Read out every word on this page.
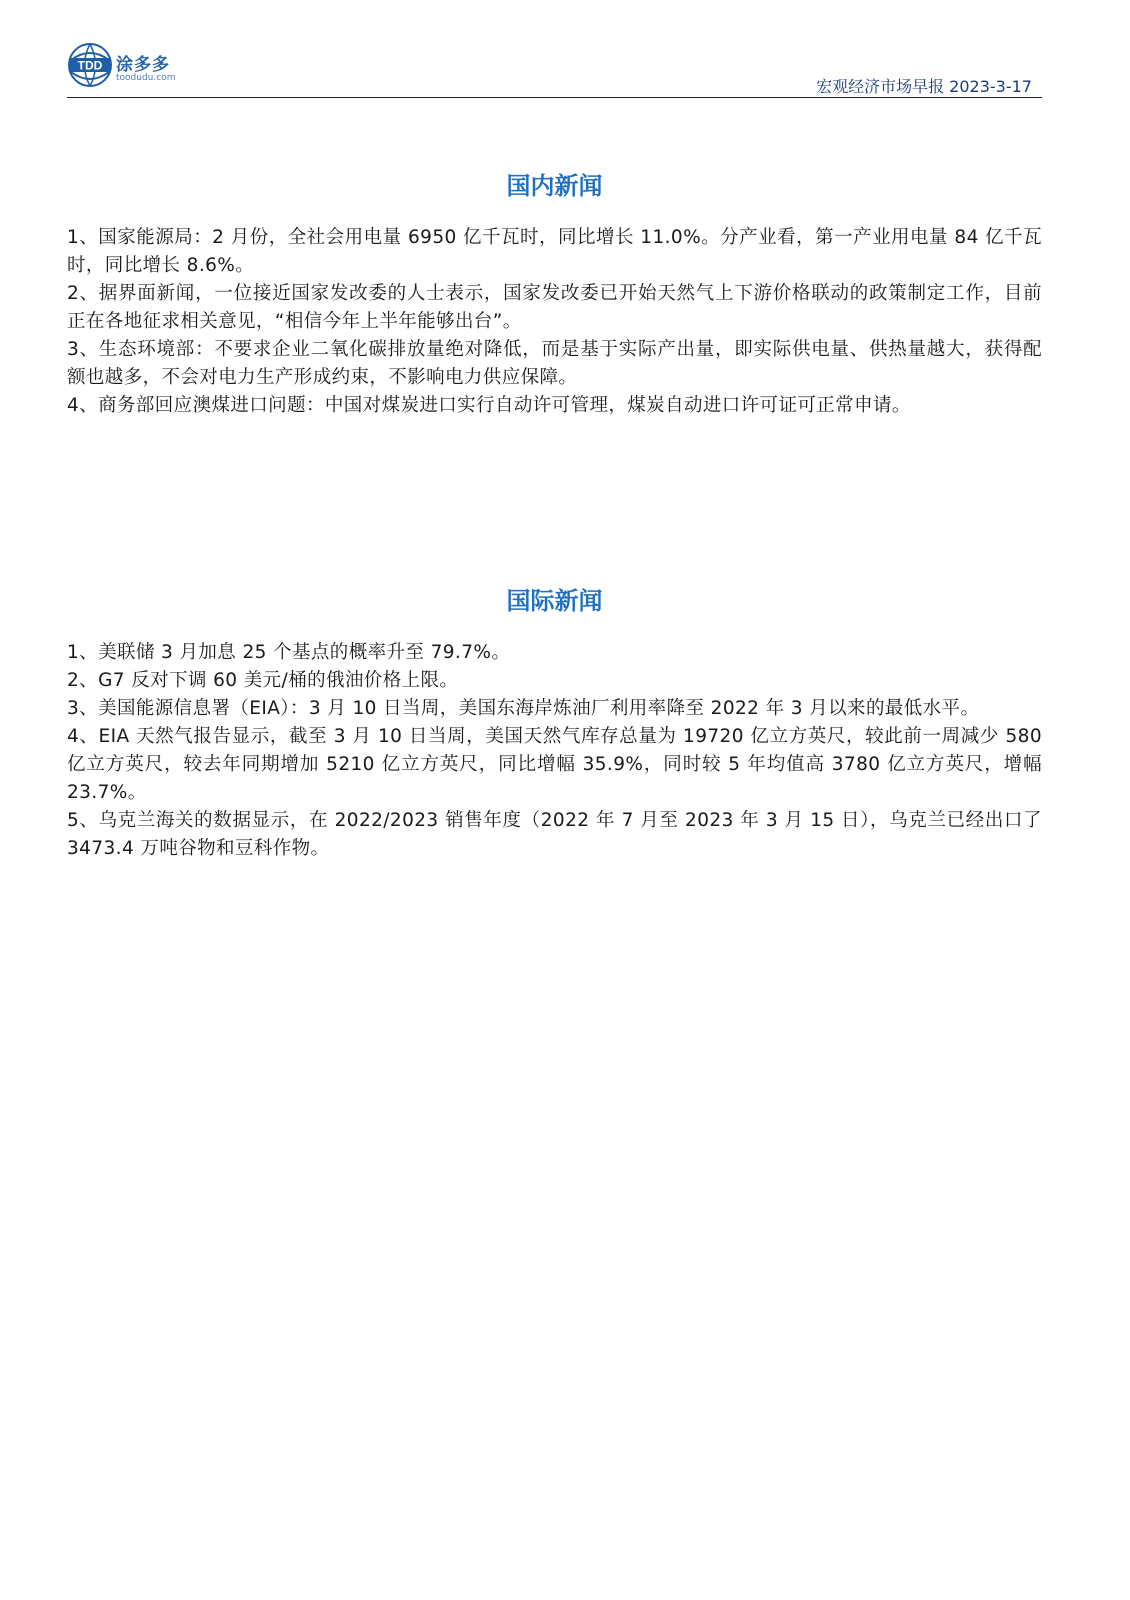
TDD 涂多多
toodudu.com	宏观经济市场早报 2023-3-17
国内新闻

1、国家能源局：2 月份，全社会用电量 6950 亿千瓦时，同比增长 11.0%。分产业看，第一产业用电量 84 亿千瓦时，同比增长 8.6%。

2、据界面新闻，一位接近国家发改委的人士表示，国家发改委已开始天然气上下游价格联动的政策制定工作，目前正在各地征求相关意见，“相信今年上半年能够出台”。

3、生态环境部：不要求企业二氧化碳排放量绝对降低，而是基于实际产出量，即实际供电量、供热量越大，获得配额也越多，不会对电力生产形成约束，不影响电力供应保障。

4、商务部回应澳煤进口问题：中国对煤炭进口实行自动许可管理，煤炭自动进口许可证可正常申请。

国际新闻

1、美联储 3 月加息 25 个基点的概率升至 79.7%。

2、G7 反对下调 60 美元/桶的俄油价格上限。

3、美国能源信息署（EIA）：3 月 10 日当周，美国东海岸炼油厂利用率降至 2022 年 3 月以来的最低水平。

4、EIA 天然气报告显示，截至 3 月 10 日当周，美国天然气库存总量为 19720 亿立方英尺，较此前一周减少 580 亿立方英尺，较去年同期增加 5210 亿立方英尺，同比增幅 35.9%，同时较 5 年均值高 3780 亿立方英尺，增幅 23.7%。

5、乌克兰海关的数据显示，在 2022/2023 销售年度（2022 年 7 月至 2023 年 3 月 15 日），乌克兰已经出口了 3473.4 万吨谷物和豆科作物。
